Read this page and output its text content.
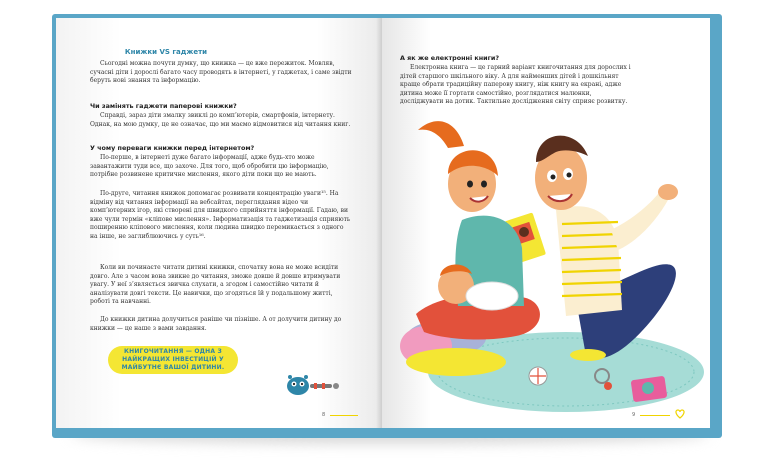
Книжки VS гаджети

Сьогодні можна почути думку, що книжка — це вже пережиток. Мовляв, сучасні діти і дорослі багато часу проводять в інтернеті, у гаджетах, і саме звідти беруть нові знання та інформацію.

Чи замінять гаджети паперові книжки?

Справді, зараз діти змалку звиклі до комп’ютерів, смартфонів, інтернету. Однак, на мою думку, це не означає, що ми маємо відмовитися від читання книг.

У чому переваги книжки перед інтернетом?

По-перше, в інтернеті дуже багато інформації, адже будь-хто може завантажити туди все, що захоче. Для того, щоб обробити цю інформацію, потрібне розвинене критичне мислення, якого діти поки що не мають.

По-друге, читання книжок допомагає розвивати концентрацію уваги¹⁵. На відміну від читання інформації на вебсайтах, переглядання відео чи комп’ютерних ігор, які створені для швидкого сприйняття інформації. Гадаю, ви вже чули термін «кліпове мислення». Інформатизація та гаджетизація сприяють поширенню кліпового мислення, коли людина швидко перемикається з одного на інше, не заглиблюючись у суть¹⁶.

Коли ви починаєте читати дитині книжки, спочатку вона не може всидіти довго. Але з часом вона звикне до читання, зможе довше й довше втримувати увагу. У неї з’являється звичка слухати, а згодом і самостійно читати й аналізувати довгі тексти. Це навички, що згодяться їй у подальшому житті, роботі та навчанні.

До книжки дитина долучиться раніше чи пізніше. А от долучити дитину до книжки — це наше з вами завдання.

КНИГОЧИТАННЯ — ОДНА З НАЙКРАЩИХ ІНВЕСТИЦІЙ У МАЙБУТНЄ ВАШОЇ ДИТИНИ.
8
А як же електронні книги?

Електронна книга — це гарний варіант книгочитання для дорослих і дітей старшого шкільного віку. А для найменших дітей і дошкільнят краще обрати традиційну паперову книгу, ніж книгу на екрані, адже дитина може її гортати самостійно, розглядатися малюнки, досліджувати на дотик. Тактильне дослідження світу сприяє розвитку.

9
